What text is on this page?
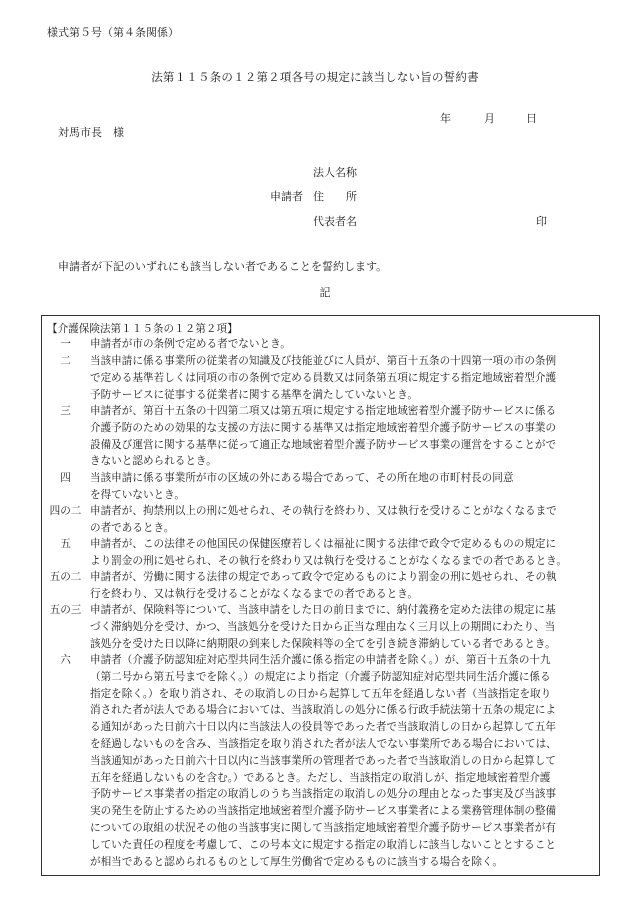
様式第５号（第４条関係）
法第１１５条の１２第２項各号の規定に該当しない旨の誓約書
年	月	日
対馬市長　様
法人名称
申請者 住　　所
代表者名	印
申請者が下記のいずれにも該当しない者であることを誓約します。
記
【介護保険法第１１５条の１２第２項】
一	申請者が市の条例で定める者でないとき。
二	当該申請に係る事業所の従業者の知識及び技能並びに人員が、第百十五条の十四第一項の市の条例
で定める基準若しくは同項の市の条例で定める員数又は同条第五項に規定する指定地域密着型介護
予防サービスに従事する従業者に関する基準を満たしていないとき。
三	申請者が、第百十五条の十四第二項又は第五項に規定する指定地域密着型介護予防サービスに係る
介護予防のための効果的な支援の方法に関する基準又は指定地域密着型介護予防サービスの事業の
設備及び運営に関する基準に従って適正な地域密着型介護予防サービス事業の運営をすることがで
きないと認められるとき。
四	当該申請に係る事業所が市の区域の外にある場合であって、その所在地の市町村長の同意
を得ていないとき。
四の二 申請者が、拘禁刑以上の刑に処せられ、その執行を終わり、又は執行を受けることがなくなるまで
の者であるとき。
五	申請者が、この法律その他国民の保健医療若しくは福祉に関する法律で政令で定めるものの規定に
より罰金の刑に処せられ、その執行を終わり又は執行を受けることがなくなるまでの者であるとき。
五の二 申請者が、労働に関する法律の規定であって政令で定めるものにより罰金の刑に処せられ、その執
行を終わり、又は執行を受けることがなくなるまでの者であるとき。
五の三 申請者が、保険料等について、当該申請をした日の前日までに、納付義務を定めた法律の規定に基
づく滞納処分を受け、かつ、当該処分を受けた日から正当な理由なく三月以上の期間にわたり、当
該処分を受けた日以降に納期限の到来した保険料等の全てを引き続き滞納している者であるとき。
六	申請者（介護予防認知症対応型共同生活介護に係る指定の申請者を除く。）が、第百十五条の十九
（第二号から第五号までを除く。）の規定により指定（介護予防認知症対応型共同生活介護に係る
指定を除く。）を取り消され、その取消しの日から起算して五年を経過しない者（当該指定を取り
消された者が法人である場合においては、当該取消しの処分に係る行政手続法第十五条の規定によ
る通知があった日前六十日以内に当該法人の役員等であった者で当該取消しの日から起算して五年
を経過しないものを含み、当該指定を取り消された者が法人でない事業所である場合においては、
当該通知があった日前六十日以内に当該事業所の管理者であった者で当該取消しの日から起算して
五年を経過しないものを含む。）であるとき。ただし、当該指定の取消しが、指定地域密着型介護
予防サービス事業者の指定の取消しのうち当該指定の取消しの処分の理由となった事実及び当該事
実の発生を防止するための当該指定地域密着型介護予防サービス事業者による業務管理体制の整備
についての取組の状況その他の当該事実に関して当該指定地域密着型介護予防サービス事業者が有
していた責任の程度を考慮して、この号本文に規定する指定の取消しに該当しないこととすること
が相当であると認められるものとして厚生労働省で定めるものに該当する場合を除く。
